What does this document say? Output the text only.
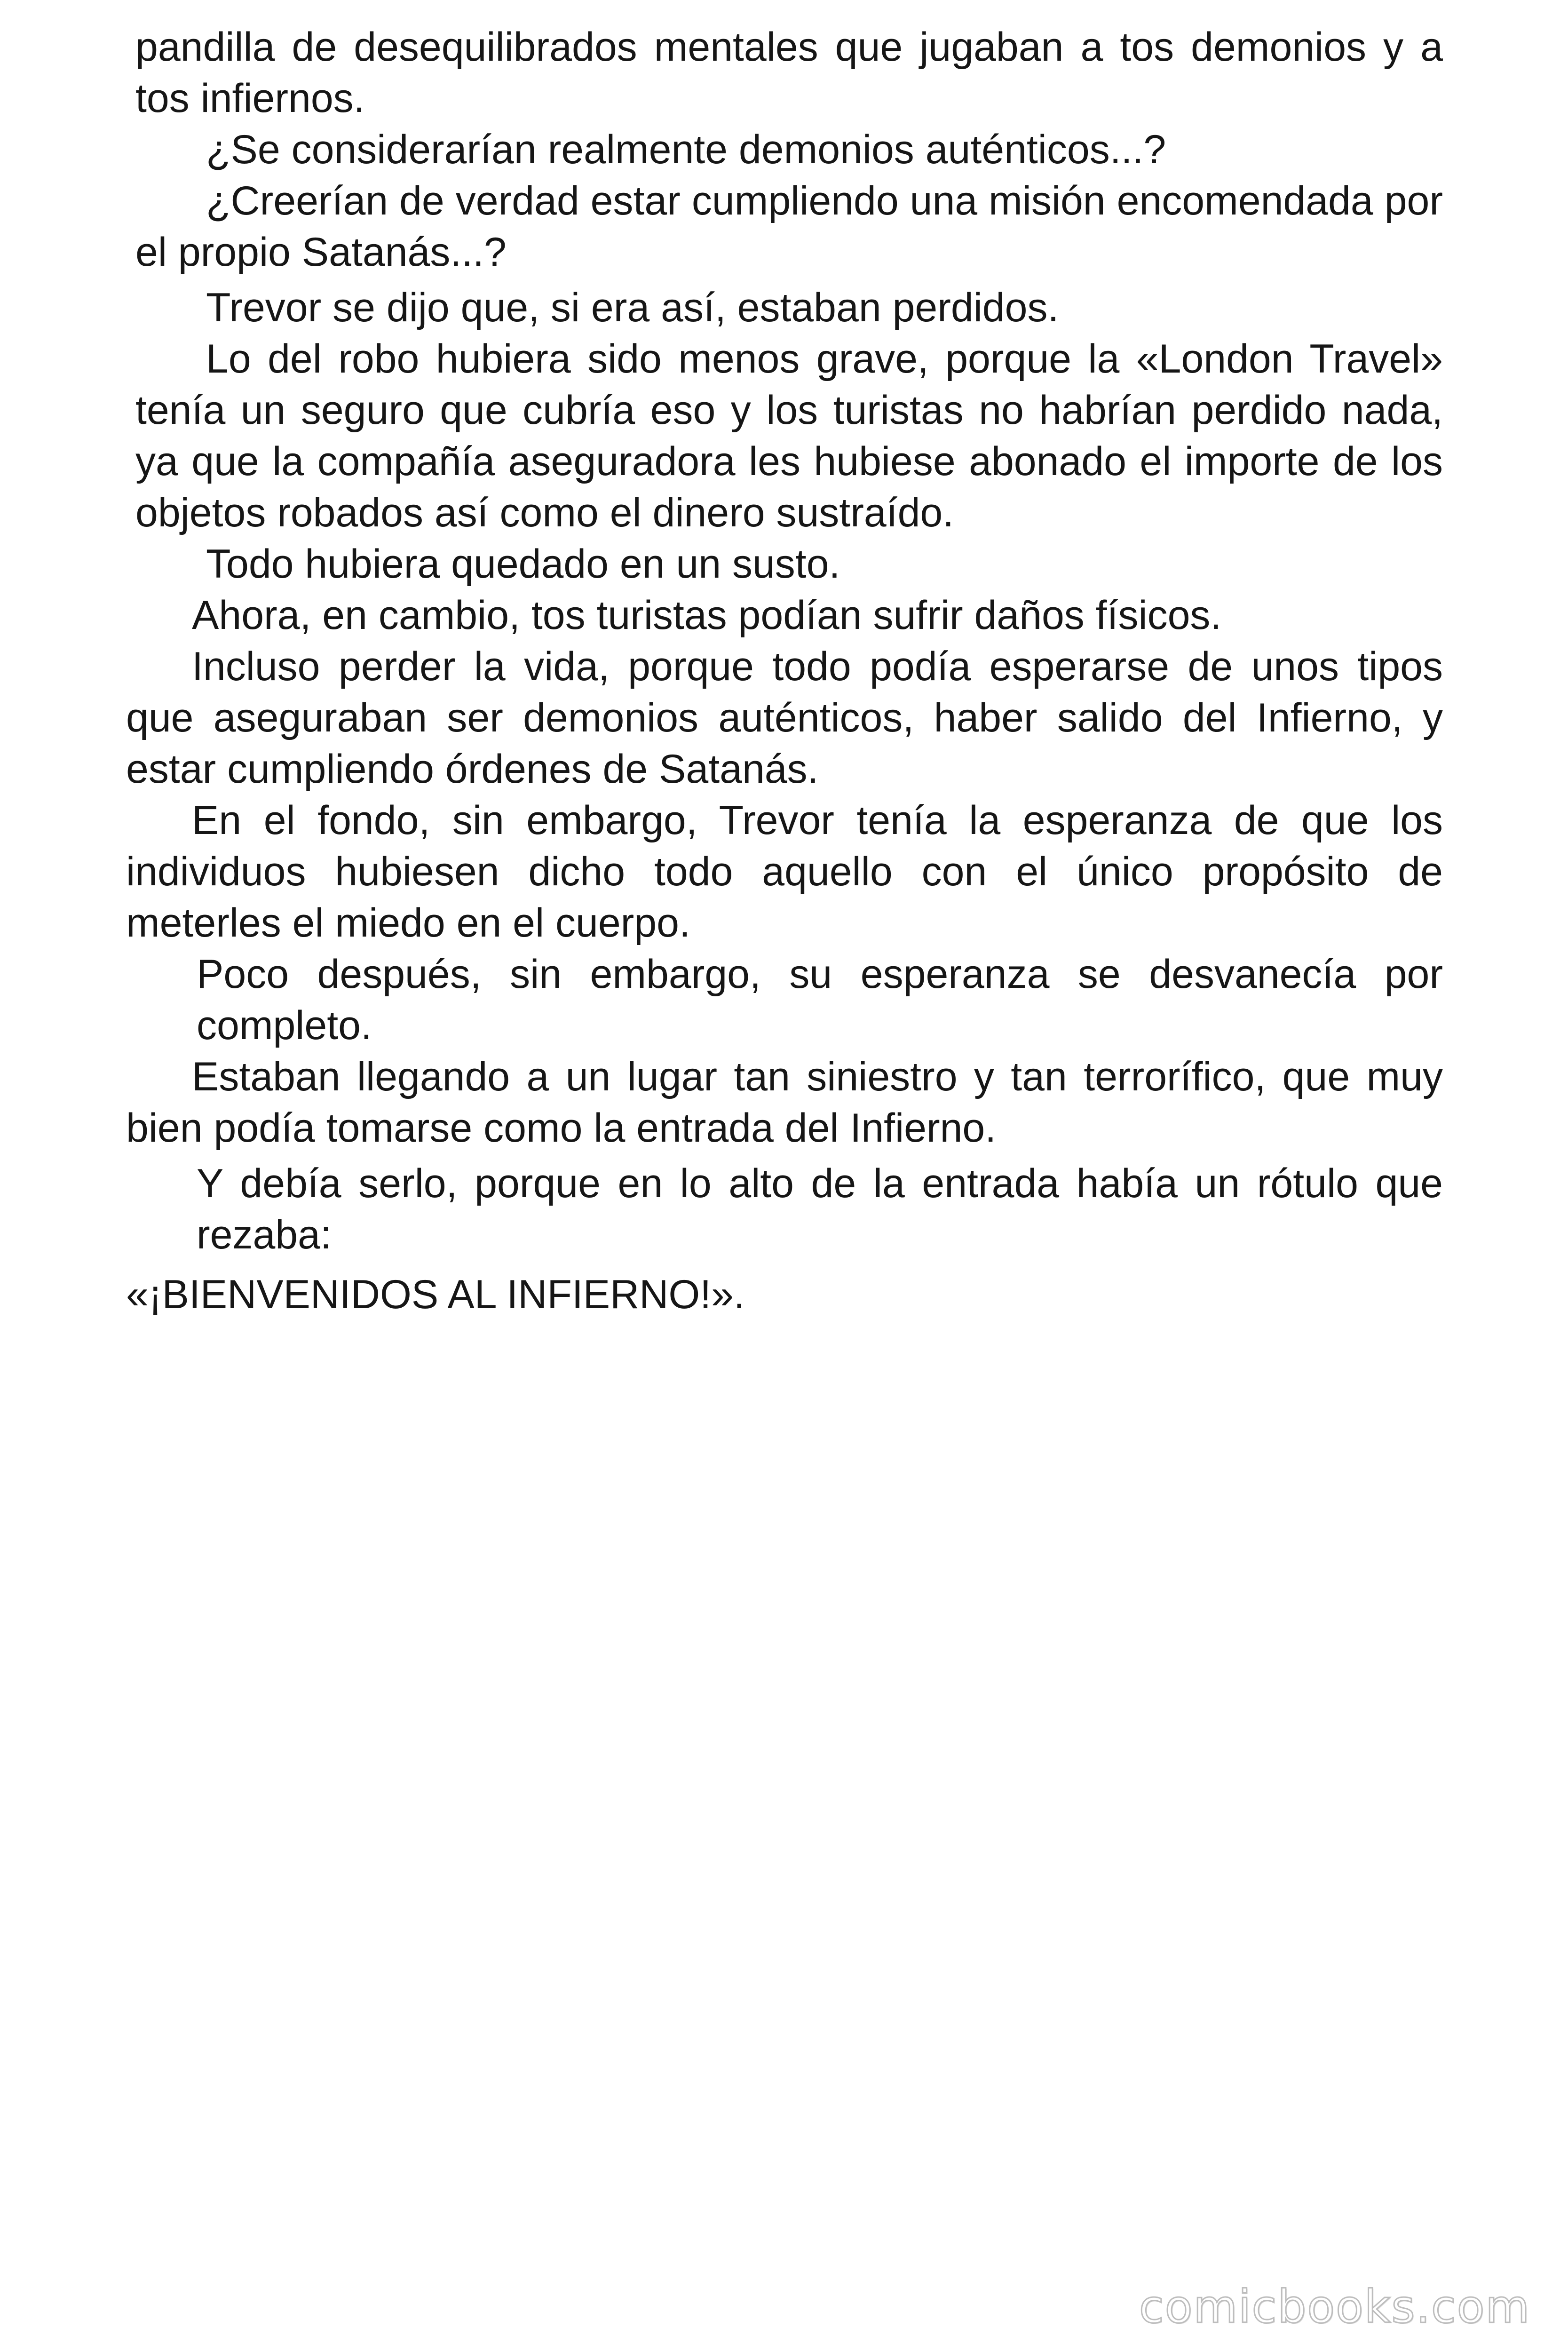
pandilla de desequilibrados mentales que jugaban a tos demonios y a tos infiernos.

¿Se considerarían realmente demonios auténticos...?

¿Creerían de verdad estar cumpliendo una misión encomendada por el propio Satanás...?

Trevor se dijo que, si era así, estaban perdidos.

Lo del robo hubiera sido menos grave, porque la «London Travel» tenía un seguro que cubría eso y los turistas no habrían perdido nada, ya que la compañía aseguradora les hubiese abonado el importe de los objetos robados así como el dinero sustraído.

Todo hubiera quedado en un susto.

Ahora, en cambio, tos turistas podían sufrir daños físicos.

Incluso perder la vida, porque todo podía esperarse de unos tipos que aseguraban ser demonios auténticos, haber salido del Infierno, y estar cumpliendo órdenes de Satanás.

En el fondo, sin embargo, Trevor tenía la esperanza de que los individuos hubiesen dicho todo aquello con el único propósito de meterles el miedo en el cuerpo.

Poco después, sin embargo, su esperanza se desvanecía por completo.

Estaban llegando a un lugar tan siniestro y tan terrorífico, que muy bien podía tomarse como la entrada del Infierno.

Y debía serlo, porque en lo alto de la entrada había un rótulo que rezaba:

«¡BIENVENIDOS AL INFIERNO!».

comicbooks.com
